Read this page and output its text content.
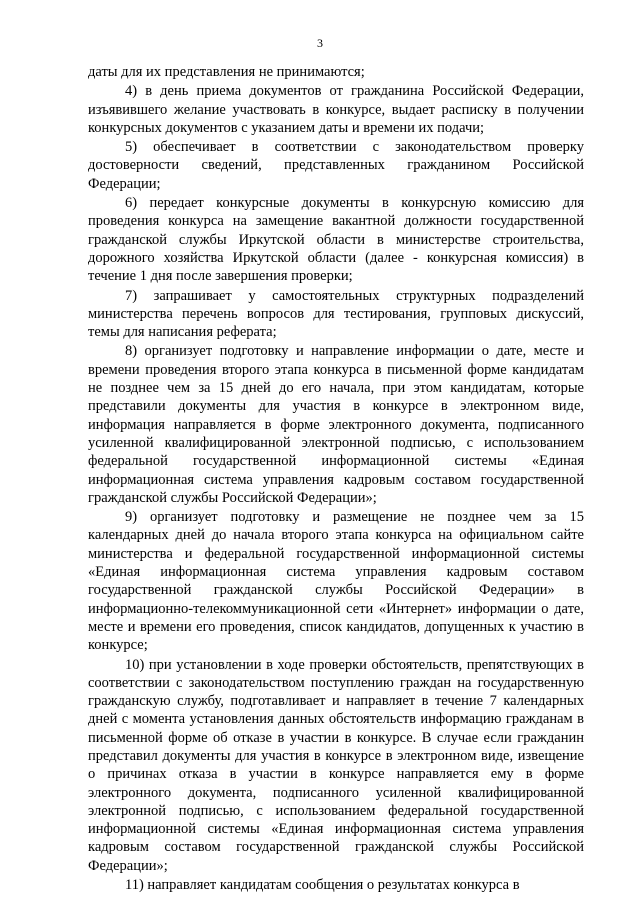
3
даты для их представления не принимаются;
4) в день приема документов от гражданина Российской Федерации,
изъявившего желание участвовать в конкурсе, выдает расписку в получении
конкурсных документов с указанием даты и времени их подачи;
5) обеспечивает в соответствии с законодательством проверку
достоверности сведений, представленных гражданином Российской
Федерации;
6) передает конкурсные документы в конкурсную комиссию для
проведения конкурса на замещение вакантной должности государственной
гражданской службы Иркутской области в министерстве строительства,
дорожного хозяйства Иркутской области (далее - конкурсная комиссия) в
течение 1 дня после завершения проверки;
7) запрашивает у самостоятельных структурных подразделений
министерства перечень вопросов для тестирования, групповых дискуссий,
темы для написания реферата;
8) организует подготовку и направление информации о дате, месте и
времени проведения второго этапа конкурса в письменной форме кандидатам
не позднее чем за 15 дней до его начала, при этом кандидатам, которые
представили документы для участия в конкурсе в электронном виде,
информация направляется в форме электронного документа, подписанного
усиленной квалифицированной электронной подписью, с использованием
федеральной государственной информационной системы «Единая
информационная система управления кадровым составом государственной
гражданской службы Российской Федерации»;
9) организует подготовку и размещение не позднее чем за 15
календарных дней до начала второго этапа конкурса на официальном сайте
министерства и федеральной государственной информационной системы
«Единая информационная система управления кадровым составом
государственной гражданской службы Российской Федерации» в
информационно-телекоммуникационной сети «Интернет» информации о дате,
месте и времени его проведения, список кандидатов, допущенных к участию в
конкурсе;
10) при установлении в ходе проверки обстоятельств, препятствующих в
соответствии с законодательством поступлению граждан на государственную
гражданскую службу, подготавливает и направляет в течение 7 календарных
дней с момента установления данных обстоятельств информацию гражданам в
письменной форме об отказе в участии в конкурсе. В случае если гражданин
представил документы для участия в конкурсе в электронном виде, извещение
о причинах отказа в участии в конкурсе направляется ему в форме
электронного документа, подписанного усиленной квалифицированной
электронной подписью, с использованием федеральной государственной
информационной системы «Единая информационная система управления
кадровым составом государственной гражданской службы Российской
Федерации»;
11) направляет кандидатам сообщения о результатах конкурса в
